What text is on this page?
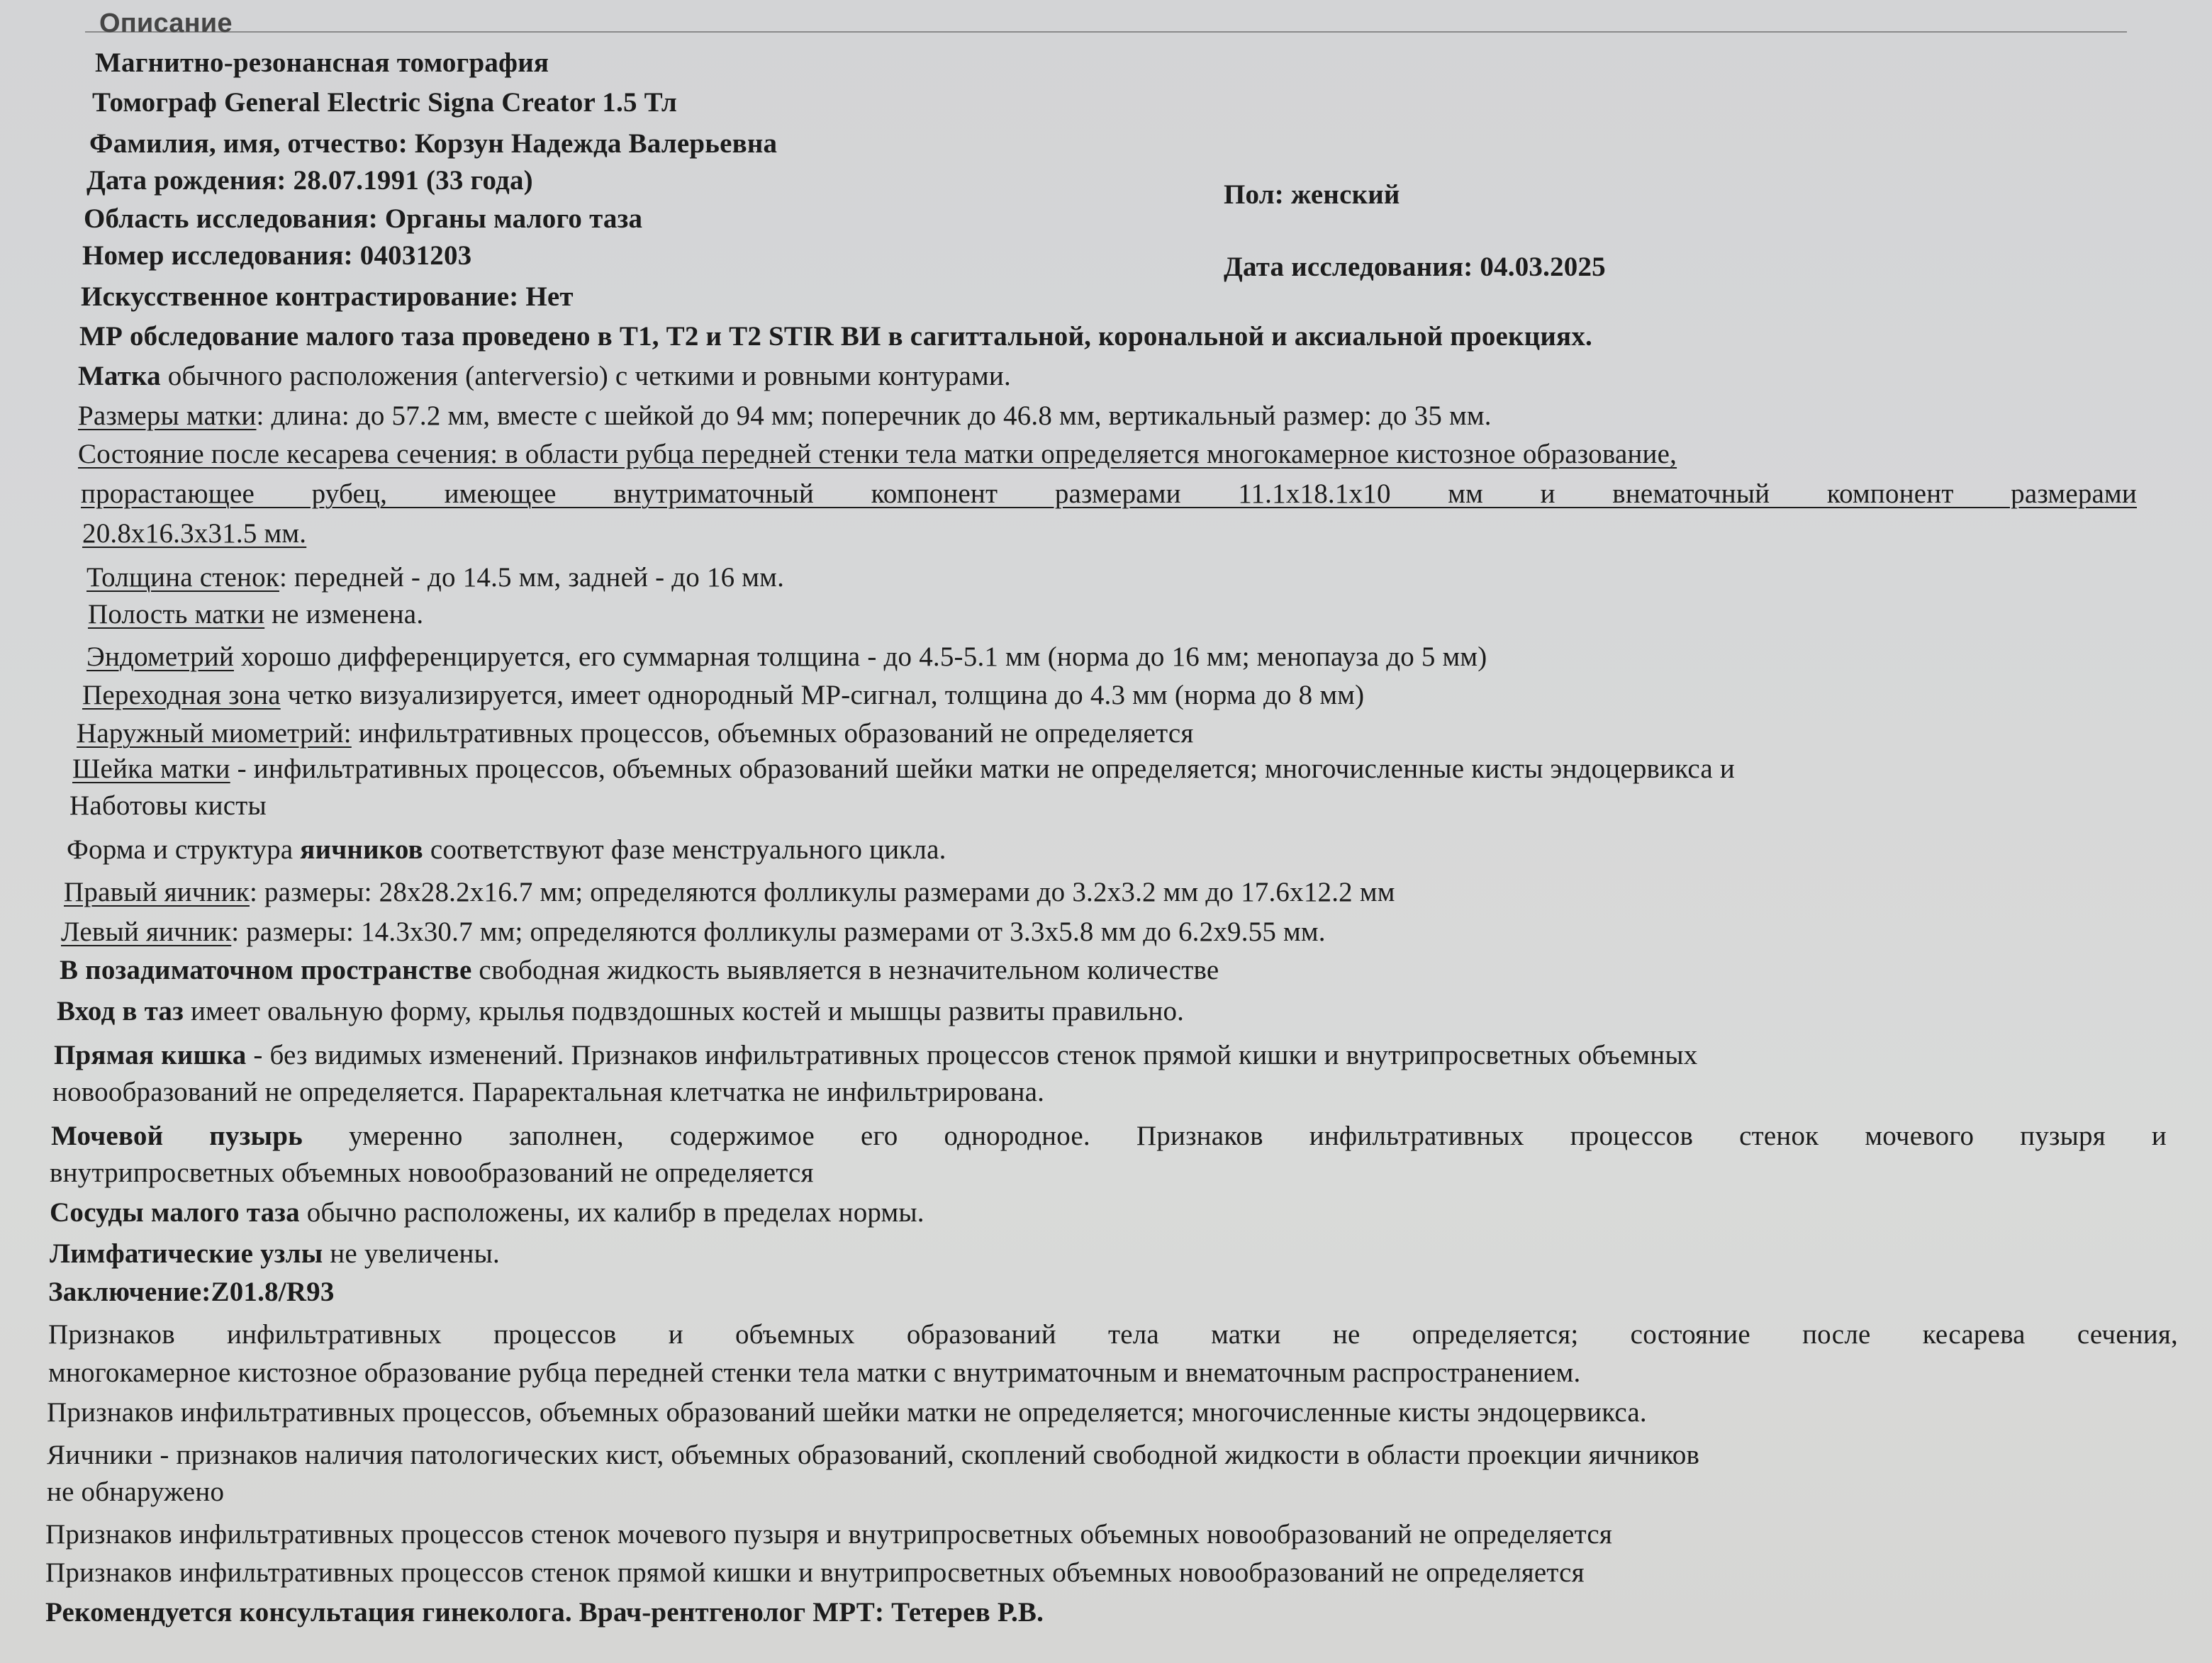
Описание
Магнитно-резонансная томография
Томограф General Electric Signa Creator 1.5 Тл
Фамилия, имя, отчество: Корзун Надежда Валерьевна
Дата рождения: 28.07.1991 (33 года)	Пол: женский
Область исследования: Органы малого таза
Номер исследования: 04031203	Дата исследования: 04.03.2025
Искусственное контрастирование: Нет
МР обследование малого таза проведено в Т1, Т2 и T2 STIR ВИ в сагиттальной, корональной и аксиальной проекциях.
Матка обычного расположения (anterversio) с четкими и ровными контурами.
Размеры матки: длина: до 57.2 мм, вместе с шейкой до 94 мм; поперечник до 46.8 мм, вертикальный размер: до 35 мм.
Состояние после кесарева сечения: в области рубца передней стенки тела матки определяется многокамерное кистозное образование,
прорастающее рубец, имеющее внутриматочный компонент размерами 11.1x18.1x10 мм и внематочный компонент размерами
20.8x16.3x31.5 мм.
Толщина стенок: передней - до 14.5 мм, задней - до 16 мм.
Полость матки не изменена.
Эндометрий хорошо дифференцируется, его суммарная толщина - до 4.5-5.1 мм (норма до 16 мм; менопауза до 5 мм)
Переходная зона четко визуализируется, имеет однородный МР-сигнал, толщина до 4.3 мм (норма до 8 мм)
Наружный миометрий: инфильтративных процессов, объемных образований не определяется
Шейка матки - инфильтративных процессов, объемных образований шейки матки не определяется; многочисленные кисты эндоцервикса и
Наботовы кисты
Форма и структура яичников соответствуют фазе менструального цикла.
Правый яичник: размеры: 28x28.2x16.7 мм; определяются фолликулы размерами до 3.2x3.2 мм до 17.6x12.2 мм
Левый яичник: размеры: 14.3x30.7 мм; определяются фолликулы размерами от 3.3x5.8 мм до 6.2x9.55 мм.
В позадиматочном пространстве свободная жидкость выявляется в незначительном количестве
Вход в таз имеет овальную форму, крылья подвздошных костей и мышцы развиты правильно.
Прямая кишка - без видимых изменений. Признаков инфильтративных процессов стенок прямой кишки и внутрипросветных объемных
новообразований не определяется. Параректальная клетчатка не инфильтрирована.
Мочевой пузырь умеренно заполнен, содержимое его однородное. Признаков инфильтративных процессов стенок мочевого пузыря и
внутрипросветных объемных новообразований не определяется
Сосуды малого таза обычно расположены, их калибр в пределах нормы.
Лимфатические узлы не увеличены.
Заключение:Z01.8/R93
Признаков инфильтративных процессов и объемных образований тела матки не определяется; состояние после кесарева сечения,
многокамерное кистозное образование рубца передней стенки тела матки с внутриматочным и внематочным распространением.
Признаков инфильтративных процессов, объемных образований шейки матки не определяется; многочисленные кисты эндоцервикса.
Яичники - признаков наличия патологических кист, объемных образований, скоплений свободной жидкости в области проекции яичников
не обнаружено
Признаков инфильтративных процессов стенок мочевого пузыря и внутрипросветных объемных новообразований не определяется
Признаков инфильтративных процессов стенок прямой кишки и внутрипросветных объемных новообразований не определяется
Рекомендуется консультация гинеколога. Врач-рентгенолог МРТ: Тетерев Р.В.
